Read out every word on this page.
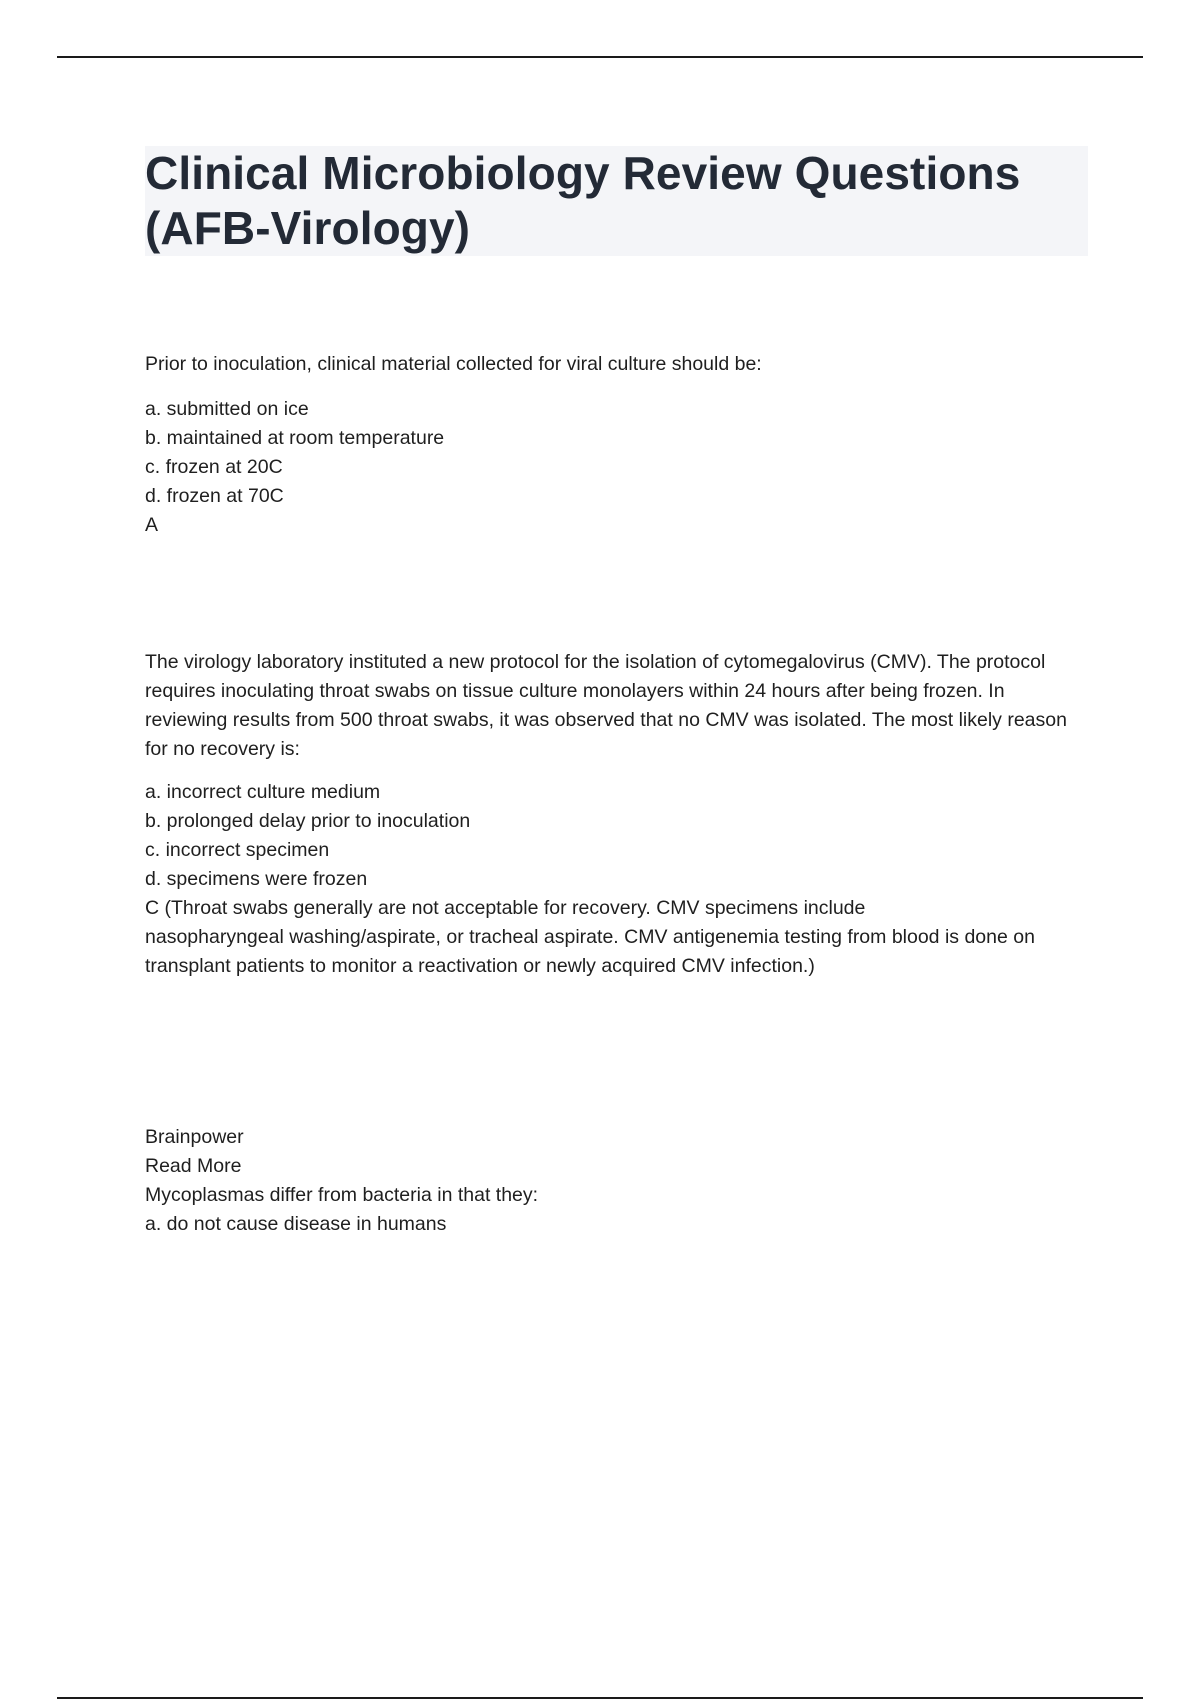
Clinical Microbiology Review Questions (AFB-Virology)

Prior to inoculation, clinical material collected for viral culture should be:

a. submitted on ice

b. maintained at room temperature

c. frozen at 20C

d. frozen at 70C

A

The virology laboratory instituted a new protocol for the isolation of cytomegalovirus (CMV). The protocol requires inoculating throat swabs on tissue culture monolayers within 24 hours after being frozen. In reviewing results from 500 throat swabs, it was observed that no CMV was isolated. The most likely reason for no recovery is:

a. incorrect culture medium

b. prolonged delay prior to inoculation

c. incorrect specimen

d. specimens were frozen

C (Throat swabs generally are not acceptable for recovery. CMV specimens include

nasopharyngeal washing/aspirate, or tracheal aspirate. CMV antigenemia testing from blood is done on transplant patients to monitor a reactivation or newly acquired CMV infection.)

Brainpower

Read More

Mycoplasmas differ from bacteria in that they:

a. do not cause disease in humans
